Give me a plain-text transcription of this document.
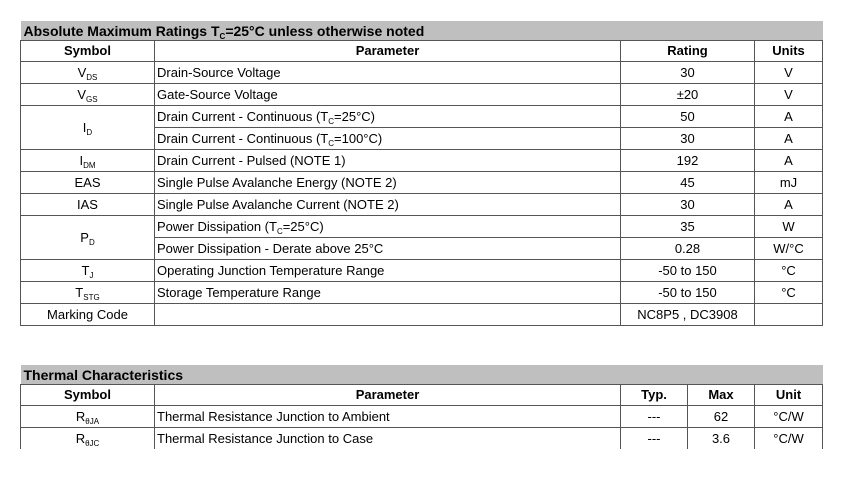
Absolute Maximum Ratings $T_C=25^\circ C$ unless otherwise noted			
Symbol	Parameter	Rating	Units
$V_{DS}$	Drain-Source Voltage	30	V
$V_{GS}$	Gate-Source Voltage	±20	V
$I_D$	Drain Current - Continuous $(T_C=25^\circ C)$	50	A
	Drain Current - Continuous $(T_C=100^\circ C)$	30	A
$I_{DM}$	Drain Current - Pulsed (NOTE 1)	192	A
EAS	Single Pulse Avalanche Energy (NOTE 2)	45	mJ
IAS	Single Pulse Avalanche Current (NOTE 2)	30	A
$P_D$	Power Dissipation $(T_C=25^\circ C)$	35	W
	Power Dissipation - Derate above 25°C	0.28	W/°C
$T_J$	Operating Junction Temperature Range	-50 to 150	°C
$T_{STG}$	Storage Temperature Range	-50 to 150	°C
Marking Code		NC8P5 , DC3908	
Thermal Characteristics				
Symbol	Parameter	Typ.	Max	Unit
$R_{\theta JA}$	Thermal Resistance Junction to Ambient	---	62	°C/W
$R_{\theta JC}$	Thermal Resistance Junction to Case	---	3.6	°C/W
